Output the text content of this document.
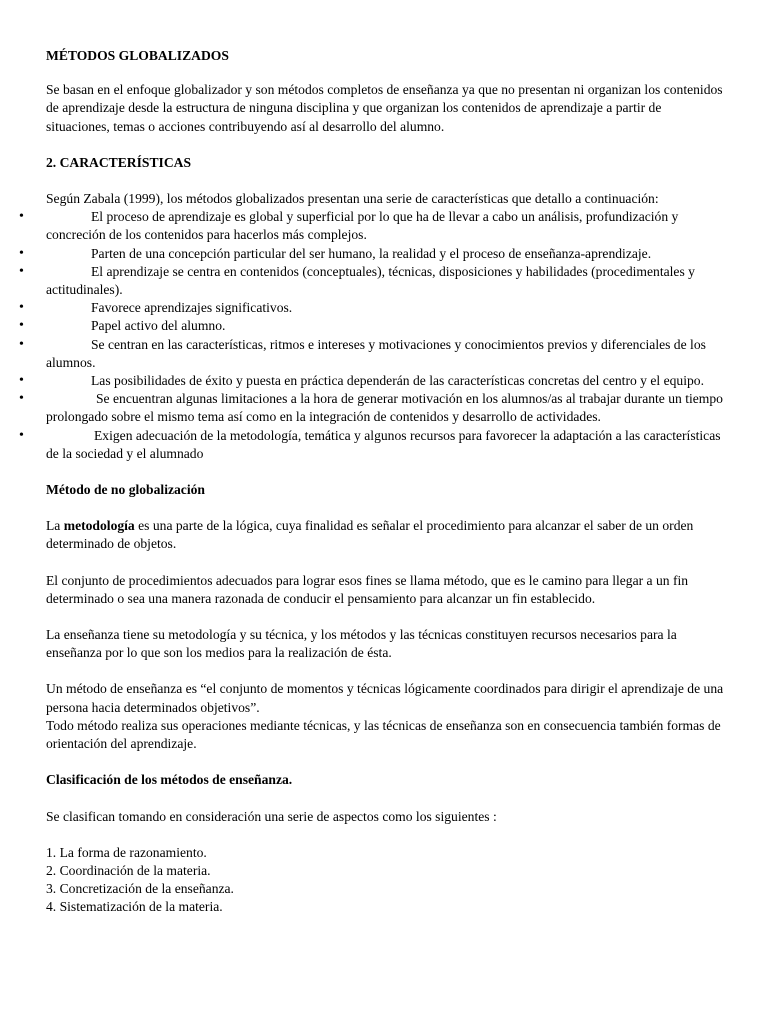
MÉTODOS GLOBALIZADOS

Se basan en el enfoque globalizador y son métodos completos de enseñanza ya que no presentan ni organizan los contenidos de aprendizaje desde la estructura de ninguna disciplina y que organizan los contenidos de aprendizaje a partir de situaciones, temas o acciones contribuyendo así al desarrollo del alumno.

2. CARACTERÍSTICAS

Según Zabala (1999), los métodos globalizados presentan una serie de características que detallo a continuación:

•	El proceso de aprendizaje es global y superficial por lo que ha de llevar a cabo un análisis, profundización y concreción de los contenidos para hacerlos más complejos.
•	Parten de una concepción particular del ser humano, la realidad y el proceso de enseñanza-aprendizaje.
•	El aprendizaje se centra en contenidos (conceptuales), técnicas, disposiciones y habilidades (procedimentales y actitudinales).
•	Favorece aprendizajes significativos.
•	Papel activo del alumno.
•	Se centran en las características, ritmos e intereses y motivaciones y conocimientos previos y diferenciales de los alumnos.
•	Las posibilidades de éxito y puesta en práctica dependerán de las características concretas del centro y el equipo.
•	Se encuentran algunas limitaciones a la hora de generar motivación en los alumnos/as al trabajar durante un tiempo prolongado sobre el mismo tema así como en la integración de contenidos y desarrollo de actividades.
•	Exigen adecuación de la metodología, temática y algunos recursos para favorecer la adaptación a las características de la sociedad y el alumnado

Método de no globalización

La metodología es una parte de la lógica, cuya finalidad es señalar el procedimiento para alcanzar el saber de un orden determinado de objetos.

El conjunto de procedimientos adecuados para lograr esos fines se llama método, que es le camino para llegar a un fin determinado o sea una manera razonada de conducir el pensamiento para alcanzar un fin establecido.

La enseñanza tiene su metodología y su técnica, y los métodos y las técnicas constituyen recursos necesarios para la enseñanza por lo que son los medios para la realización de ésta.

Un método de enseñanza es “el conjunto de momentos y técnicas lógicamente coordinados para dirigir el aprendizaje de una persona hacia determinados objetivos”.

Todo método realiza sus operaciones mediante técnicas, y las técnicas de enseñanza son en consecuencia también formas de orientación del aprendizaje.

Clasificación de los métodos de enseñanza.

Se clasifican tomando en consideración una serie de aspectos como los siguientes :

1. La forma de razonamiento.
2. Coordinación de la materia.
3. Concretización de la enseñanza.
4. Sistematización de la materia.
